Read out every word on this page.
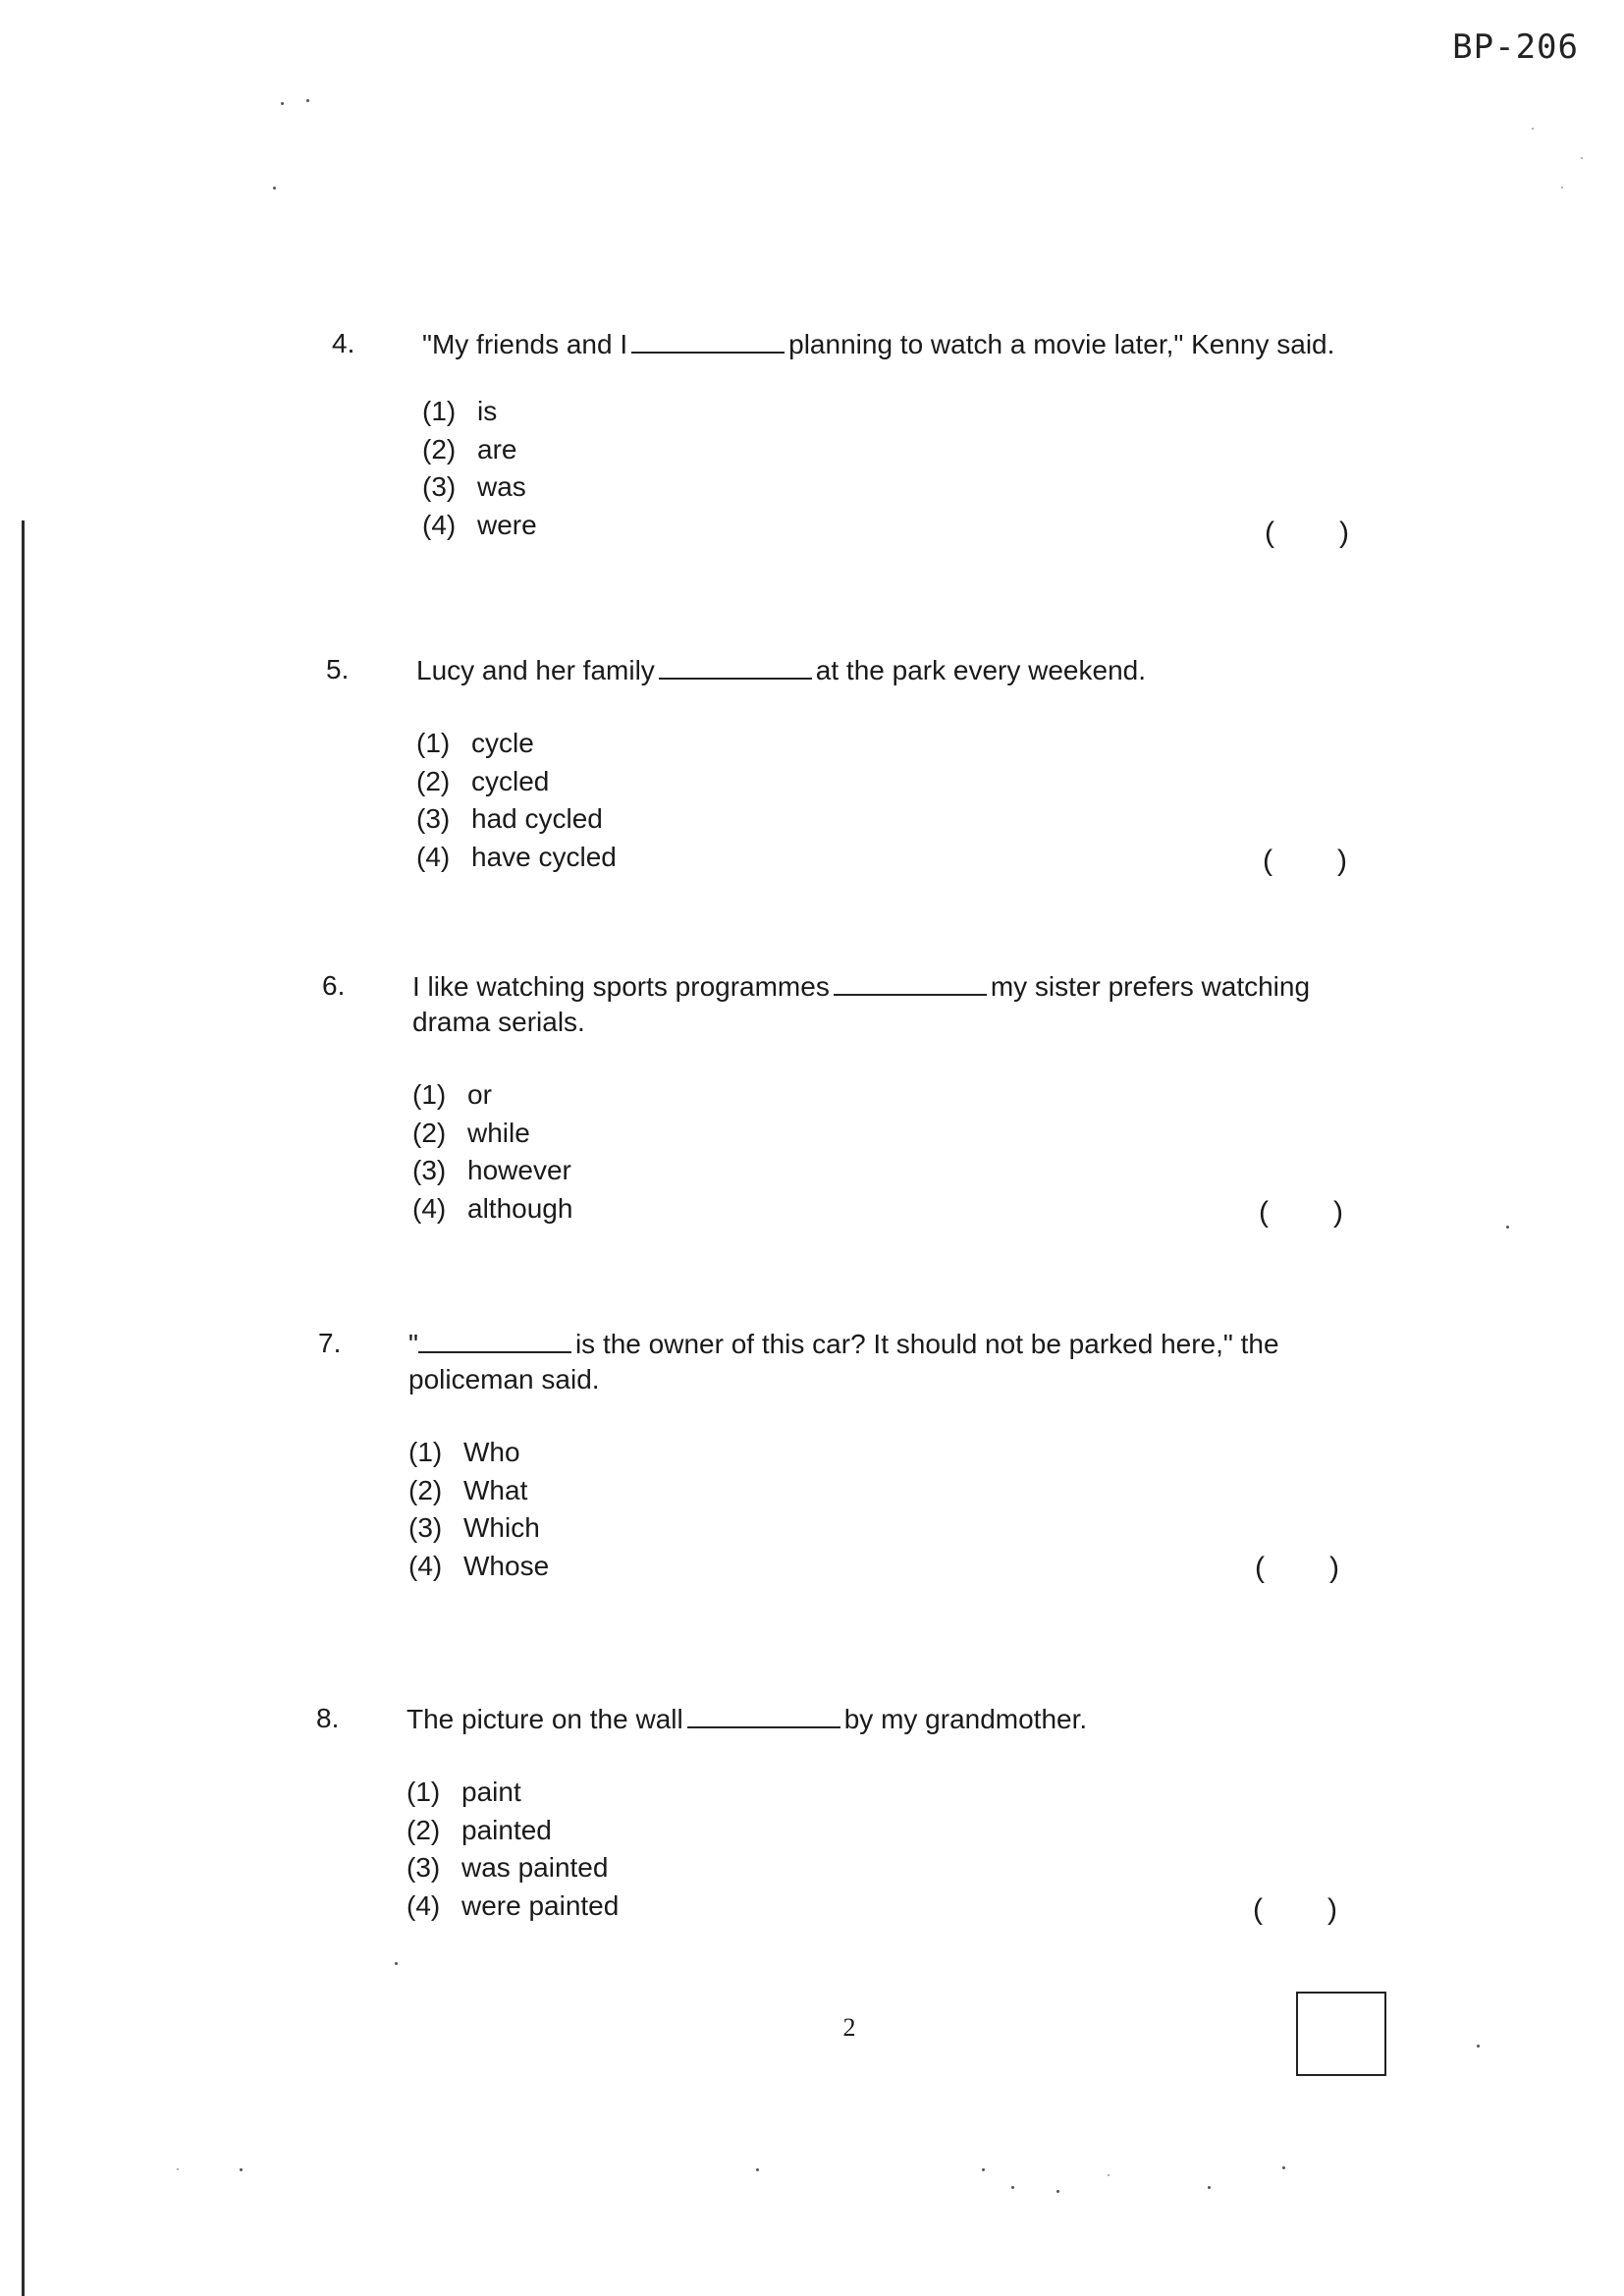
BP-206
4. "My friends and I	planning to watch a movie later," Kenny said.
(1) is
(2) are
(3) was
(4) were	( )
5. Lucy and her family	at the park every weekend.
(1) cycle
(2) cycled
(3) had cycled
(4) have cycled	( )
6. I like watching sports programmes	my sister prefers watching
drama serials.
(1) or
(2) while
(3) however
(4) although	( )
7. "	is the owner of this car? It should not be parked here," the
policeman said.
(1) Who
(2) What
(3) Which
(4) Whose	( )
8. The picture on the wall	by my grandmother.
(1) paint
(2) painted
(3) was painted
(4) were painted	( )
2
